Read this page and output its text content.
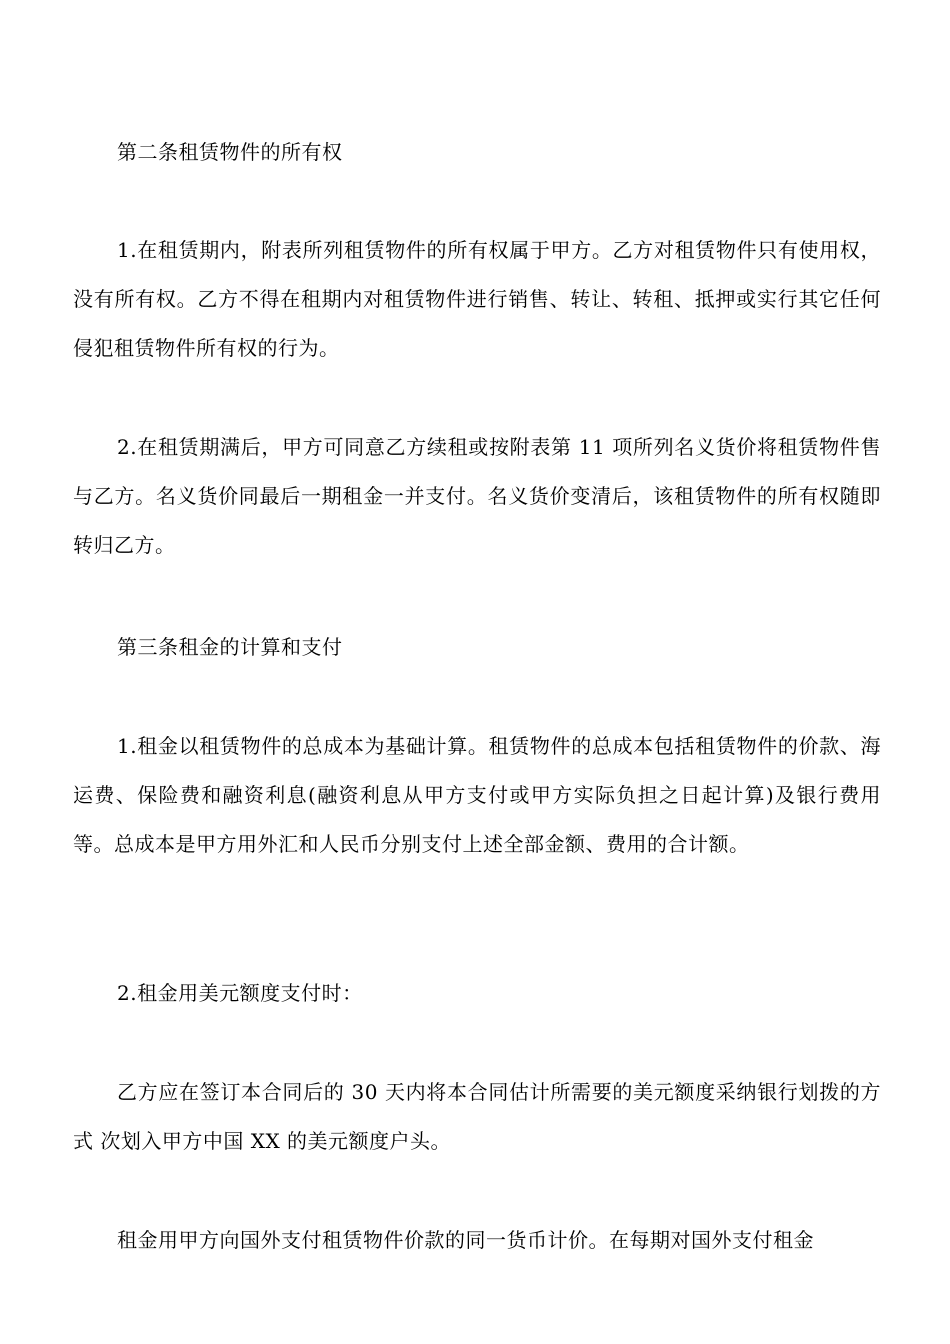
第二条租赁物件的所有权

1.在租赁期内，附表所列租赁物件的所有权属于甲方。乙方对租赁物件只有使用权，没有所有权。乙方不得在租期内对租赁物件进行销售、转让、转租、抵押或实行其它任何侵犯租赁物件所有权的行为。

2.在租赁期满后，甲方可同意乙方续租或按附表第 11 项所列名义货价将租赁物件售与乙方。名义货价同最后一期租金一并支付。名义货价变清后，该租赁物件的所有权随即转归乙方。

第三条租金的计算和支付

1.租金以租赁物件的总成本为基础计算。租赁物件的总成本包括租赁物件的价款、海运费、保险费和融资利息(融资利息从甲方支付或甲方实际负担之日起计算)及银行费用等。总成本是甲方用外汇和人民币分别支付上述全部金额、费用的合计额。

2.租金用美元额度支付时：

乙方应在签订本合同后的 30 天内将本合同估计所需要的美元额度采纳银行划拨的方式 次划入甲方中国 XX 的美元额度户头。

租金用甲方向国外支付租赁物件价款的同一货币计价。在每期对国外支付租金
